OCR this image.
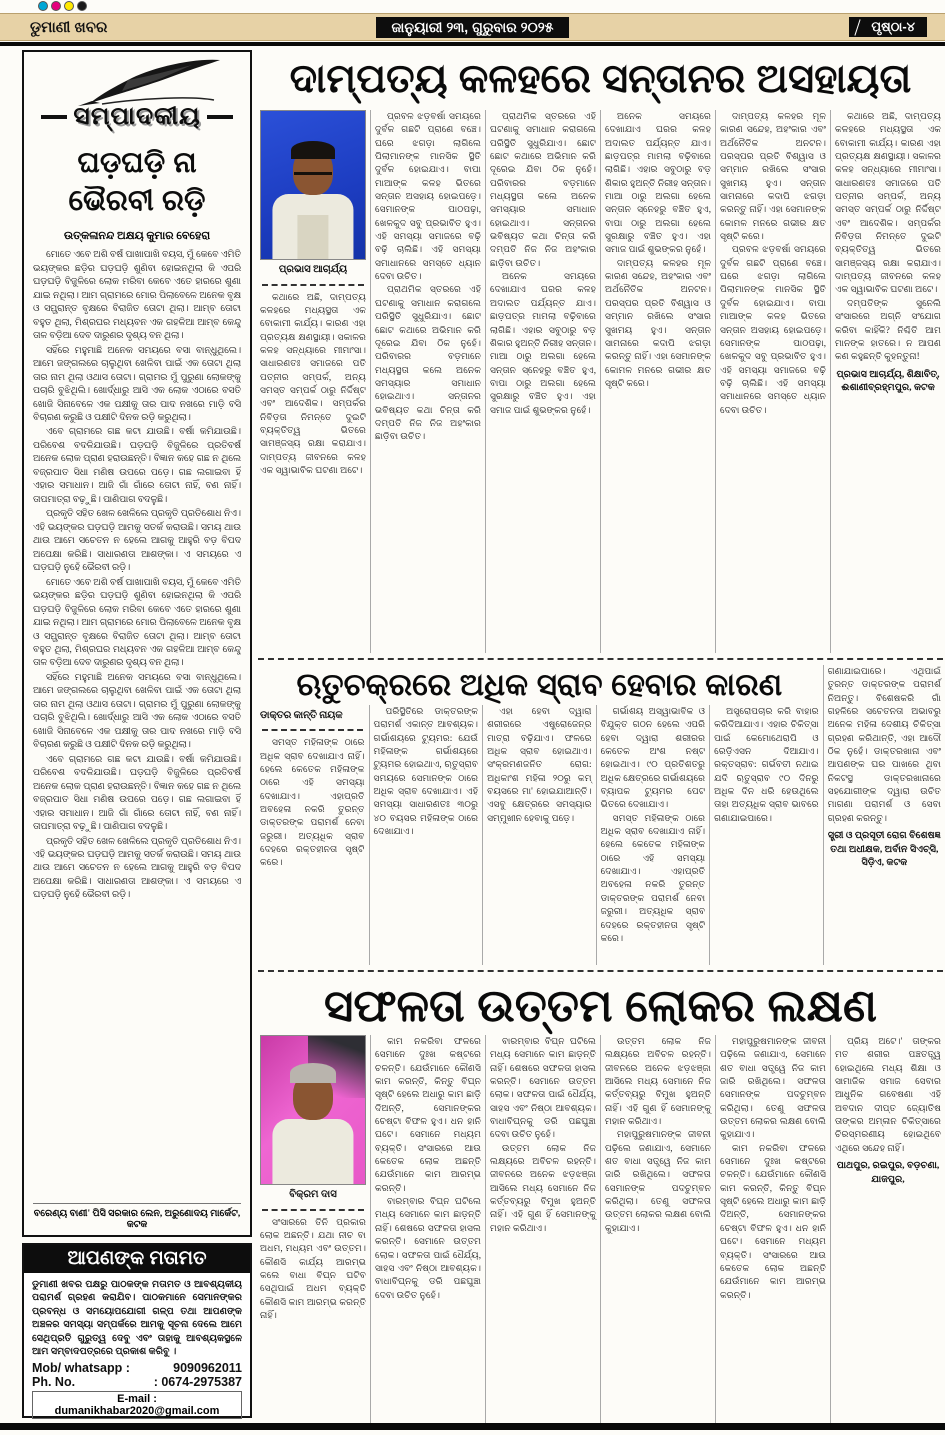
ଡୁମାଣୀ ଖବର	ଜାନୁୟାରୀ ୨୩, ଗୁରୁବାର ୨୦୨୫	ପୃଷ୍ଠା-୪
ସମ୍ପାଦକୀୟ
ଘଡ଼ଘଡ଼ି ନା
ଭୈରବୀ ରଡ଼ି
ଉତ୍କଳାନନ୍ଦ ଅକ୍ଷୟ କୁମାର ବେହେରା

ମୋତେ ଏବେ ଅଶି ବର୍ଷ ପାଖାପାଖି ବୟସ, ମୁଁ କେବେ ଏମିତି ଭୟଙ୍କର ଛଡ଼ିର ଘଡ଼ଘଡ଼ି ଶୁଣିବା ହୋଇନଥିଲା କି ଏପରି ଘଡ଼ଘଡ଼ି ବିଜୁଳିରେ ଲୋକ ମରିବା କେବେ ଏତେ ହାରରେ ଶୁଣା ଯାଇ ନଥିଲା। ଆମ ଗ୍ରାମରେ ମୋର ପିଲାବେଳେ ଅନେକ ବୃକ୍ଷ ଓ ସମ୍ଭ୍ରାନ୍ତ ବୃକ୍ଷରେ ବିରାଜିତ ତୋଟା ଥିଲା। ଆମ୍ବ ତୋଟା ବହୁତ ଥିଲା, ମିଶ୍ରଘର ମଧ୍ୟବନ ଏକ ଗହଳିଆ ଆମ୍ବ କେନ୍ଦୁ ତାଳ ବଡ଼ିଆ ଦେବ ଦାରୁଣର ଦୃଶ୍ୟ ବନ ଥିଲା।

ସହିଁରେ ମହୁମାଛି ଅନେକ ସମୟରେ ବସା ବାନ୍ଧୁଥିଲେ। ଆମେ ଜଙ୍ଗଲରେ ଚାଲୁଥିବା ଖେଳିବା ପାଇଁ ଏକ ତୋଟା ଥିଲା ତାର ନାମ ଥିଲା ଓଥାସ ତୋଟା। ଗ୍ରାମର ମୁଁ ପୁରୁଣା ଲୋକଙ୍କୁ ପଚାରି ବୁଝିଥିଲି। ଖୋର୍ଦ୍ଧାରୁ ଆସି ଏକ ଲୋକ ଏଠାରେ ବସତି ଖୋଜି ସିନାବେଳେ ଏକ ପକ୍ଷୀକୁ ତାର ପାଦ ନଖରେ ମାଡ଼ି ବସି ବିଚାରଣ କରୁଛି ଓ ପକ୍ଷୀଟି ଦିନକ ରଡ଼ି କରୁଥିଲା।

ଏବେ ଗ୍ରାମରେ ଗଛ କଟା ଯାଉଛି। ବର୍ଷା କମିଯାଉଛି। ପରିବେଶ ବଦଳିଯାଉଛି। ଘଡ଼ଘଡ଼ି ବିଜୁଳିରେ ପ୍ରତିବର୍ଷ ଅନେକ ଲୋକ ପ୍ରାଣ ହରାଉଛନ୍ତି। ବିଜ୍ଞାନ କହେ ଗଛ ନ ଥିଲେ ବଜ୍ରପାତ ସିଧା ମଣିଷ ଉପରେ ପଡ଼େ। ଗଛ ଲଗାଇବା ହିଁ ଏହାର ସମାଧାନ। ଆଜି ଗାଁ ଗାଁରେ ତୋଟା ନାହିଁ, ବଣ ନାହିଁ। ତାପମାତ୍ରା ବଢ଼ୁଛି। ପାଣିପାଗ ବଦଳୁଛି।

ପ୍ରକୃତି ସହିତ ଖେଳ ଖେଳିଲେ ପ୍ରକୃତି ପ୍ରତିଶୋଧ ନିଏ। ଏହି ଭୟଙ୍କର ଘଡ଼ଘଡ଼ି ଆମକୁ ସତର୍କ କରାଉଛି। ସମୟ ଥାଉ ଥାଉ ଆମେ ସଚେତନ ନ ହେଲେ ଆଗକୁ ଆହୁରି ବଡ଼ ବିପଦ ଅପେକ୍ଷା କରିଛି। ସାଧାରଣତା ଆଶଙ୍କା। ଏ ସମୟରେ ଏ ଘଡ଼ଘଡ଼ି ନୁହେଁ ଭୈରବୀ ରଡ଼ି।

ମୋତେ ଏବେ ଅଶି ବର୍ଷ ପାଖାପାଖି ବୟସ, ମୁଁ କେବେ ଏମିତି ଭୟଙ୍କର ଛଡ଼ିର ଘଡ଼ଘଡ଼ି ଶୁଣିବା ହୋଇନଥିଲା କି ଏପରି ଘଡ଼ଘଡ଼ି ବିଜୁଳିରେ ଲୋକ ମରିବା କେବେ ଏତେ ହାରରେ ଶୁଣା ଯାଇ ନଥିଲା। ଆମ ଗ୍ରାମରେ ମୋର ପିଲାବେଳେ ଅନେକ ବୃକ୍ଷ ଓ ସମ୍ଭ୍ରାନ୍ତ ବୃକ୍ଷରେ ବିରାଜିତ ତୋଟା ଥିଲା। ଆମ୍ବ ତୋଟା ବହୁତ ଥିଲା, ମିଶ୍ରଘର ମଧ୍ୟବନ ଏକ ଗହଳିଆ ଆମ୍ବ କେନ୍ଦୁ ତାଳ ବଡ଼ିଆ ଦେବ ଦାରୁଣର ଦୃଶ୍ୟ ବନ ଥିଲା।

ସହିଁରେ ମହୁମାଛି ଅନେକ ସମୟରେ ବସା ବାନ୍ଧୁଥିଲେ। ଆମେ ଜଙ୍ଗଲରେ ଚାଲୁଥିବା ଖେଳିବା ପାଇଁ ଏକ ତୋଟା ଥିଲା ତାର ନାମ ଥିଲା ଓଥାସ ତୋଟା। ଗ୍ରାମର ମୁଁ ପୁରୁଣା ଲୋକଙ୍କୁ ପଚାରି ବୁଝିଥିଲି। ଖୋର୍ଦ୍ଧାରୁ ଆସି ଏକ ଲୋକ ଏଠାରେ ବସତି ଖୋଜି ସିନାବେଳେ ଏକ ପକ୍ଷୀକୁ ତାର ପାଦ ନଖରେ ମାଡ଼ି ବସି ବିଚାରଣ କରୁଛି ଓ ପକ୍ଷୀଟି ଦିନକ ରଡ଼ି କରୁଥିଲା।

ଏବେ ଗ୍ରାମରେ ଗଛ କଟା ଯାଉଛି। ବର୍ଷା କମିଯାଉଛି। ପରିବେଶ ବଦଳିଯାଉଛି। ଘଡ଼ଘଡ଼ି ବିଜୁଳିରେ ପ୍ରତିବର୍ଷ ଅନେକ ଲୋକ ପ୍ରାଣ ହରାଉଛନ୍ତି। ବିଜ୍ଞାନ କହେ ଗଛ ନ ଥିଲେ ବଜ୍ରପାତ ସିଧା ମଣିଷ ଉପରେ ପଡ଼େ। ଗଛ ଲଗାଇବା ହିଁ ଏହାର ସମାଧାନ। ଆଜି ଗାଁ ଗାଁରେ ତୋଟା ନାହିଁ, ବଣ ନାହିଁ। ତାପମାତ୍ରା ବଢ଼ୁଛି। ପାଣିପାଗ ବଦଳୁଛି।

ପ୍ରକୃତି ସହିତ ଖେଳ ଖେଳିଲେ ପ୍ରକୃତି ପ୍ରତିଶୋଧ ନିଏ। ଏହି ଭୟଙ୍କର ଘଡ଼ଘଡ଼ି ଆମକୁ ସତର୍କ କରାଉଛି। ସମୟ ଥାଉ ଥାଉ ଆମେ ସଚେତନ ନ ହେଲେ ଆଗକୁ ଆହୁରି ବଡ଼ ବିପଦ ଅପେକ୍ଷା କରିଛି। ସାଧାରଣତା ଆଶଙ୍କା। ଏ ସମୟରେ ଏ ଘଡ଼ଘଡ଼ି ନୁହେଁ ଭୈରବୀ ରଡ଼ି।

ବରେଣ୍ୟ ବାଣୀ' ପିସି ସରକାର ଲେନ, ଅରୁଣୋଦୟ ମାର୍କେଟ, କଟକ
ଆପଣଙ୍କ ମତାମତ
ଡୁମାଣୀ ଖବର ପକ୍ଷରୁ ପାଠକଙ୍କ ମତାମତ ଓ ଆବଶ୍ୟକୀୟ ପରାମର୍ଶ ଗ୍ରହଣ କରାଯିବ। ପାଠକମାନେ ସେମାନଙ୍କର ପ୍ରବନ୍ଧ ଓ ସମୟୋପଯୋଗୀ ଗଳ୍ପ ତଥା ଆପଣଙ୍କ ଅଞ୍ଚଳର ସମସ୍ୟା ସମ୍ପର୍କରେ ଆମକୁ ସୂଚନା ଦେଲେ ଆମେ ସେଥିପ୍ରତି ଗୁରୁତ୍ୱ ଦେବୁ ଏବଂ ତାହାକୁ ଆବଶ୍ୟକସ୍ଥଳେ ଆମ ସମ୍ବାଦପତ୍ରରେ ପ୍ରକାଶ କରିବୁ ।
Mob/ whatsapp :	9090962011
Ph. No.	: 0674-2975387
E-mail : dumanikhabar2020@gmail.com
ଦାମ୍ପତ୍ୟ କଳହରେ ସନ୍ତାନର ଅସହାୟତା
ପ୍ରଭାସ ଆଚାର୍ଯ୍ୟ

କଥାରେ ଅଛି, ଦାମ୍ପତ୍ୟ କଳହରେ ମଧ୍ୟସ୍ଥତା ଏକ ବୋକାମୀ କାର୍ଯ୍ୟ। କାରଣ ଏହା ପ୍ରତ୍ୟକ୍ଷ କ୍ଷଣସ୍ଥାୟୀ। ସକାଳର କଳହ ସନ୍ଧ୍ୟାରେ ମୀମାଂସା। ସାଧାରଣତଃ ସମାଜରେ ପତି ପତ୍ନୀର ସମ୍ପର୍କ, ଅନ୍ୟ ସମସ୍ତ ସମ୍ପର୍କ ଠାରୁ ନିର୍ଦ୍ଦିଷ୍ଟ ଏବଂ ଆଦେଶିକ। ସମ୍ପର୍କର ନିବିଡ଼ତା ନିମନ୍ତେ ଦୁଇଟି ବ୍ୟକ୍ତିତ୍ୱ ଭିତରେ ସାମଞ୍ଜସ୍ୟ ରକ୍ଷା କରାଯାଏ। ଦାମ୍ପତ୍ୟ ଜୀବନରେ କଳହ ଏକ ସ୍ୱାଭାବିକ ଘଟଣା ଅଟେ।

ପ୍ରବଳ ଝଡ଼ବର୍ଷା ସମୟରେ ଦୁର୍ବଳ ଗଛଟି ପ୍ରାଣେ ବଞ୍ଚେ। ଘରେ ଝଗଡ଼ା ଲାଗିଲେ ପିଲାମାନଙ୍କ ମାନସିକ ସ୍ଥିତି ଦୁର୍ବଳ ହୋଇଯାଏ। ବାପା ମାଆଙ୍କ କଳହ ଭିତରେ ସନ୍ତାନ ଅସହାୟ ହୋଇପଡ଼େ। ସେମାନଙ୍କ ପାଠପଢ଼ା, ଖେଳକୁଦ ସବୁ ପ୍ରଭାବିତ ହୁଏ। ଏହି ସମସ୍ୟା ସମାଜରେ ବଢ଼ି ବଢ଼ି ଚାଲିଛି। ଏହି ସମସ୍ୟା ସମାଧାନରେ ସମସ୍ତେ ଧ୍ୟାନ ଦେବା ଉଚିତ।

ପ୍ରାଥମିକ ସ୍ତରରେ ଏହି ଘଟଣାକୁ ସମାଧାନ କରାଗଲେ ପରିସ୍ଥିତି ସୁଧୁରିଯାଏ। ଛୋଟ ଛୋଟ କଥାରେ ଅଭିମାନ କରି ଦୂରେଇ ଯିବା ଠିକ ନୁହେଁ। ପରିବାରର ବଡ଼ମାନେ ମଧ୍ୟସ୍ଥତା କଲେ ଅନେକ ସମସ୍ୟାର ସମାଧାନ ହୋଇଥାଏ। ସନ୍ତାନର ଭବିଷ୍ୟତ କଥା ଚିନ୍ତା କରି ଦମ୍ପତି ନିଜ ନିଜ ଅହଂକାର ଛାଡ଼ିବା ଉଚିତ।

ପ୍ରାଥମିକ ସ୍ତରରେ ଏହି ଘଟଣାକୁ ସମାଧାନ କରାଗଲେ ପରିସ୍ଥିତି ସୁଧୁରିଯାଏ। ଛୋଟ ଛୋଟ କଥାରେ ଅଭିମାନ କରି ଦୂରେଇ ଯିବା ଠିକ ନୁହେଁ। ପରିବାରର ବଡ଼ମାନେ ମଧ୍ୟସ୍ଥତା କଲେ ଅନେକ ସମସ୍ୟାର ସମାଧାନ ହୋଇଥାଏ। ସନ୍ତାନର ଭବିଷ୍ୟତ କଥା ଚିନ୍ତା କରି ଦମ୍ପତି ନିଜ ନିଜ ଅହଂକାର ଛାଡ଼ିବା ଉଚିତ।

ଅନେକ ସମୟରେ ଦେଖାଯାଏ ଘରର କଳହ ଅଦାଲତ ପର୍ଯ୍ୟନ୍ତ ଯାଏ। ଛାଡ଼ପତ୍ର ମାମଲା ବଢ଼ିବାରେ ଲାଗିଛି। ଏହାର ସବୁଠାରୁ ବଡ଼ ଶିକାର ହୁଅନ୍ତି ନିରୀହ ସନ୍ତାନ। ମାଆ ଠାରୁ ଅଲଗା ହେଲେ ସନ୍ତାନ ସ୍ନେହରୁ ବଞ୍ଚିତ ହୁଏ, ବାପା ଠାରୁ ଅଲଗା ହେଲେ ସୁରକ୍ଷାରୁ ବଞ୍ଚିତ ହୁଏ। ଏହା ସମାଜ ପାଇଁ ଶୁଭଙ୍କର ନୁହେଁ।

ଅନେକ ସମୟରେ ଦେଖାଯାଏ ଘରର କଳହ ଅଦାଲତ ପର୍ଯ୍ୟନ୍ତ ଯାଏ। ଛାଡ଼ପତ୍ର ମାମଲା ବଢ଼ିବାରେ ଲାଗିଛି। ଏହାର ସବୁଠାରୁ ବଡ଼ ଶିକାର ହୁଅନ୍ତି ନିରୀହ ସନ୍ତାନ। ମାଆ ଠାରୁ ଅଲଗା ହେଲେ ସନ୍ତାନ ସ୍ନେହରୁ ବଞ୍ଚିତ ହୁଏ, ବାପା ଠାରୁ ଅଲଗା ହେଲେ ସୁରକ୍ଷାରୁ ବଞ୍ଚିତ ହୁଏ। ଏହା ସମାଜ ପାଇଁ ଶୁଭଙ୍କର ନୁହେଁ।

ଦାମ୍ପତ୍ୟ କଳହର ମୂଳ କାରଣ ସନ୍ଦେହ, ଅହଂକାର ଏବଂ ଅର୍ଥନୈତିକ ଅନଟନ। ପରସ୍ପର ପ୍ରତି ବିଶ୍ୱାସ ଓ ସମ୍ମାନ ରଖିଲେ ସଂସାର ସୁଖମୟ ହୁଏ। ସନ୍ତାନ ସାମନାରେ କଦାପି ଝଗଡ଼ା କରନ୍ତୁ ନାହିଁ। ଏହା ସେମାନଙ୍କ କୋମଳ ମନରେ ଗଭୀର କ୍ଷତ ସୃଷ୍ଟି କରେ।

ଦାମ୍ପତ୍ୟ କଳହର ମୂଳ କାରଣ ସନ୍ଦେହ, ଅହଂକାର ଏବଂ ଅର୍ଥନୈତିକ ଅନଟନ। ପରସ୍ପର ପ୍ରତି ବିଶ୍ୱାସ ଓ ସମ୍ମାନ ରଖିଲେ ସଂସାର ସୁଖମୟ ହୁଏ। ସନ୍ତାନ ସାମନାରେ କଦାପି ଝଗଡ଼ା କରନ୍ତୁ ନାହିଁ। ଏହା ସେମାନଙ୍କ କୋମଳ ମନରେ ଗଭୀର କ୍ଷତ ସୃଷ୍ଟି କରେ।

ପ୍ରବଳ ଝଡ଼ବର୍ଷା ସମୟରେ ଦୁର୍ବଳ ଗଛଟି ପ୍ରାଣେ ବଞ୍ଚେ। ଘରେ ଝଗଡ଼ା ଲାଗିଲେ ପିଲାମାନଙ୍କ ମାନସିକ ସ୍ଥିତି ଦୁର୍ବଳ ହୋଇଯାଏ। ବାପା ମାଆଙ୍କ କଳହ ଭିତରେ ସନ୍ତାନ ଅସହାୟ ହୋଇପଡ଼େ। ସେମାନଙ୍କ ପାଠପଢ଼ା, ଖେଳକୁଦ ସବୁ ପ୍ରଭାବିତ ହୁଏ। ଏହି ସମସ୍ୟା ସମାଜରେ ବଢ଼ି ବଢ଼ି ଚାଲିଛି। ଏହି ସମସ୍ୟା ସମାଧାନରେ ସମସ୍ତେ ଧ୍ୟାନ ଦେବା ଉଚିତ।

କଥାରେ ଅଛି, ଦାମ୍ପତ୍ୟ କଳହରେ ମଧ୍ୟସ୍ଥତା ଏକ ବୋକାମୀ କାର୍ଯ୍ୟ। କାରଣ ଏହା ପ୍ରତ୍ୟକ୍ଷ କ୍ଷଣସ୍ଥାୟୀ। ସକାଳର କଳହ ସନ୍ଧ୍ୟାରେ ମୀମାଂସା। ସାଧାରଣତଃ ସମାଜରେ ପତି ପତ୍ନୀର ସମ୍ପର୍କ, ଅନ୍ୟ ସମସ୍ତ ସମ୍ପର୍କ ଠାରୁ ନିର୍ଦ୍ଦିଷ୍ଟ ଏବଂ ଆଦେଶିକ। ସମ୍ପର୍କର ନିବିଡ଼ତା ନିମନ୍ତେ ଦୁଇଟି ବ୍ୟକ୍ତିତ୍ୱ ଭିତରେ ସାମଞ୍ଜସ୍ୟ ରକ୍ଷା କରାଯାଏ। ଦାମ୍ପତ୍ୟ ଜୀବନରେ କଳହ ଏକ ସ୍ୱାଭାବିକ ଘଟଣା ଅଟେ।

ଦମ୍ପତିଙ୍କ ସୁନେଲି ସଂସାରରେ ଅଗ୍ନି ସଂଯୋଗ କରିବା କାହିଁକି? ନିଶ୍ଚିତି ଆମ ମାନଙ୍କ ହାତରେ। ନ ଆପଣ କଣ କହୁଛନ୍ତି କୁହନ୍ତୁନା!

ପ୍ରଭାସ ଆଚାର୍ଯ୍ୟ, ଶିକ୍ଷାବିତ୍‌, ଈଶାଣୀବ୍ରହ୍ମପୁର, କଟକ
ଋତୁଚକ୍ରରେ ଅଧିକ ସ୍ରାବ ହେବାର କାରଣ
ଡାକ୍ତର କାନ୍ତି ନାୟକ

ସମସ୍ତ ମହିଳାଙ୍କ ଠାରେ ଅଧିକ ସ୍ରାବ ଦେଖାଯାଏ ନାହିଁ। ହେଲେ କେତେକ ମହିଳାଙ୍କ ଠାରେ ଏହି ସମସ୍ୟା ଦେଖାଯାଏ। ଏହାପ୍ରତି ଅବହେଳା ନକରି ତୁରନ୍ତ ଡାକ୍ତରଙ୍କ ପରାମର୍ଶ ନେବା ଜରୁରୀ। ଅତ୍ୟଧିକ ସ୍ରାବ ଦେହରେ ରକ୍ତହୀନତା ସୃଷ୍ଟି କରେ।

ପରିସ୍ଥିତିରେ ଡାକ୍ତରଙ୍କ ପରାମର୍ଶ ଏକାନ୍ତ ଆବଶ୍ୟକ। ଗର୍ଭାଶୟରେ ଟ୍ୟୁମର: ଯେଉଁ ମହିଳାଙ୍କ ଗର୍ଭାଶୟରେ ଟ୍ୟୁମର ହୋଇଥାଏ, ଋତୁସ୍ରାବ ସମୟରେ ସେମାନଙ୍କ ଠାରେ ଅଧିକ ସ୍ରାବ ଦେଖାଯାଏ। ଏହି ସମସ୍ୟା ସାଧାରଣତଃ ୩୦ରୁ ୪୦ ବୟସର ମହିଳାଙ୍କ ଠାରେ ଦେଖାଯାଏ।

ଏହା ହେବା ଦ୍ୱାରା ଶରୀରରେ ଏଷ୍ଟ୍ରୋଜେନ୍‌ର ମାତ୍ରା ବଢ଼ିଯାଏ। ଫଳରେ ଅଧିକ ସ୍ରାବ ହୋଇଥାଏ। ସଂକ୍ରମଣଜନିତ ରୋଗ: ଅଧିକାଂଶ ମହିଳା ୨୦ରୁ କମ୍ ବୟସରେ ମା' ହୋଇଯାଆନ୍ତି। ଏସବୁ କ୍ଷେତ୍ରରେ ସମସ୍ୟାର ସମ୍ମୁଖୀନ ହେବାକୁ ପଡ଼େ।

ଗର୍ଭାଶୟ ଅସ୍ୱାଭାବିକ ଓ ବିଯୁକ୍ତ ଗଠନ ହେଲେ ଏପରି ହେବା ଦ୍ୱାରା ଶରୀରର କେତେକ ଅଂଶ ନଷ୍ଟ ହୋଇଥାଏ। ୯୦ ପ୍ରତିଶତରୁ ଅଧିକ କ୍ଷେତ୍ରରେ ଗର୍ଭାଶୟରେ ବ୍ୟାପକ ଟ୍ୟୁମର ପେଟ ଭିତରେ ଦେଖାଯାଏ।

ସମସ୍ତ ମହିଳାଙ୍କ ଠାରେ ଅଧିକ ସ୍ରାବ ଦେଖାଯାଏ ନାହିଁ। ହେଲେ କେତେକ ମହିଳାଙ୍କ ଠାରେ ଏହି ସମସ୍ୟା ଦେଖାଯାଏ। ଏହାପ୍ରତି ଅବହେଳା ନକରି ତୁରନ୍ତ ଡାକ୍ତରଙ୍କ ପରାମର୍ଶ ନେବା ଜରୁରୀ। ଅତ୍ୟଧିକ ସ୍ରାବ ଦେହରେ ରକ୍ତହୀନତା ସୃଷ୍ଟି କରେ।

ଅସ୍ତ୍ରୋପଚାର କରି ବାହାର କରିଦିଆଯାଏ। ଏହାର ଚିକିତ୍ସା ପାଇଁ କେମୋଥେରାପି ଓ ରେଡ଼ିଏସନ ଦିଆଯାଏ। ରକ୍ତସ୍ରାବ: ଗର୍ଭବତୀ ନଥାଇ ଯଦି ଋତୁସ୍ରାବ ୯୦ ଦିନରୁ ଅଧିକ ଦିନ ଧରି ହେଉଥିଲେ ତାହା ଅତ୍ୟଧିକ ସ୍ରାବ ଭାବରେ ଗଣାଯାଇପାରେ।

ଗଣାଯାଇପାରେ। ଏଥିପାଇଁ ତୁରନ୍ତ ଡାକ୍ତରଙ୍କ ପରାମର୍ଶ ନିଅନ୍ତୁ। ବିଶେଷକରି ଗାଁ ଗହଳିରେ ସଚେତନତା ଅଭାବରୁ ଅନେକ ମହିଳା ଦେଶୀୟ ଚିକିତ୍ସା ଗ୍ରହଣ କରିଥାନ୍ତି, ଏହା ଆଦୌ ଠିକ ନୁହେଁ। ଡାକ୍ତରଖାନା ଏବଂ ଆପଣଙ୍କ ଘର ପାଖରେ ଥିବା ନିକଟସ୍ଥ ଡାକ୍ତରଖାନାରେ ସହଯୋଗୀଙ୍କ ଦ୍ୱାରା ଉଚିତ ମାଗଣା ପରାମର୍ଶ ଓ ସେବା ଗ୍ରହଣ କରନ୍ତୁ।

ସ୍ତ୍ରୀ ଓ ପ୍ରସୂତୀ ରୋଗ ବିଶେଷଜ୍ଞ ତଥା ଅଧୀକ୍ଷକ, ଅର୍ବାନ ସିଏଚ୍‌ସି, ସିଡ଼ିଏ, କଟକ
ସଫଳତା ଉତ୍ତମ ଲୋକର ଲକ୍ଷଣ
ବିକ୍ରମ ଦାସ

ସଂସାରରେ ତିନି ପ୍ରକାର ଲୋକ ଅଛନ୍ତି। ଯଥା ନୀଚ ବା ଅଧମ, ମଧ୍ୟମ ଏବଂ ଉତ୍ତମ। କୌଣସି କାର୍ଯ୍ୟ ଆରମ୍ଭ କଲେ ବାଧା ବିଘ୍ନ ଘଟିବ ସେଥିପାଇଁ ଅଧମ ବ୍ୟକ୍ତି କୌଣସି କାମ ଆରମ୍ଭ କରନ୍ତି ନାହିଁ।

କାମ ନକରିବା ଫଳରେ ସେମାନେ ଦୁଃଖ କଷ୍ଟରେ ଚଳନ୍ତି। ଯେଉଁମାନେ କୌଣସି କାମ କରନ୍ତି, କିନ୍ତୁ ବିଘ୍ନ ସୃଷ୍ଟି ହେଲେ ଅଧାରୁ କାମ ଛାଡ଼ି ଦିଅନ୍ତି, ସେମାନଙ୍କର ଚେଷ୍ଟା ବିଫଳ ହୁଏ। ଧନ ହାନି ଘଟେ। ସେମାନେ ମଧ୍ୟମ ବ୍ୟକ୍ତି। ସଂସାରରେ ଆଉ କେତେକ ଲୋକ ଅଛନ୍ତି ଯେଉଁମାନେ କାମ ଆରମ୍ଭ କରନ୍ତି।

ବାରମ୍ବାର ବିଘ୍ନ ଘଟିଲେ ମଧ୍ୟ ସେମାନେ କାମ ଛାଡ଼ନ୍ତି ନାହିଁ। ଶେଷରେ ସଫଳତା ହାସଲ କରନ୍ତି। ସେମାନେ ଉତ୍ତମ ଲୋକ। ସଫଳତା ପାଇଁ ଧୈର୍ଯ୍ୟ, ସାହସ ଏବଂ ନିଷ୍ଠା ଆବଶ୍ୟକ। ବାଧାବିଘ୍ନକୁ ଡରି ପଛଘୁଞ୍ଚା ଦେବା ଉଚିତ ନୁହେଁ।

ବାରମ୍ବାର ବିଘ୍ନ ଘଟିଲେ ମଧ୍ୟ ସେମାନେ କାମ ଛାଡ଼ନ୍ତି ନାହିଁ। ଶେଷରେ ସଫଳତା ହାସଲ କରନ୍ତି। ସେମାନେ ଉତ୍ତମ ଲୋକ। ସଫଳତା ପାଇଁ ଧୈର୍ଯ୍ୟ, ସାହସ ଏବଂ ନିଷ୍ଠା ଆବଶ୍ୟକ। ବାଧାବିଘ୍ନକୁ ଡରି ପଛଘୁଞ୍ଚା ଦେବା ଉଚିତ ନୁହେଁ।

ଉତ୍ତମ ଲୋକ ନିଜ ଲକ୍ଷ୍ୟରେ ଅବିଚଳ ରହନ୍ତି। ଜୀବନରେ ଅନେକ ଝଡ଼ଝଞ୍ଜା ଆସିଲେ ମଧ୍ୟ ସେମାନେ ନିଜ କର୍ତ୍ତବ୍ୟରୁ ବିମୁଖ ହୁଅନ୍ତି ନାହିଁ। ଏହି ଗୁଣ ହିଁ ସେମାନଙ୍କୁ ମହାନ କରିଥାଏ।

ଉତ୍ତମ ଲୋକ ନିଜ ଲକ୍ଷ୍ୟରେ ଅବିଚଳ ରହନ୍ତି। ଜୀବନରେ ଅନେକ ଝଡ଼ଝଞ୍ଜା ଆସିଲେ ମଧ୍ୟ ସେମାନେ ନିଜ କର୍ତ୍ତବ୍ୟରୁ ବିମୁଖ ହୁଅନ୍ତି ନାହିଁ। ଏହି ଗୁଣ ହିଁ ସେମାନଙ୍କୁ ମହାନ କରିଥାଏ।

ମହାପୁରୁଷମାନଙ୍କ ଜୀବନୀ ପଢ଼ିଲେ ଜଣାଯାଏ, ସେମାନେ ଶତ ବାଧା ସତ୍ତ୍ୱେ ନିଜ କାମ ଜାରି ରଖିଥିଲେ। ସଫଳତା ସେମାନଙ୍କ ପଦଚୁମ୍ବନ କରିଥିଲା। ତେଣୁ ସଫଳତା ଉତ୍ତମ ଲୋକର ଲକ୍ଷଣ ବୋଲି କୁହାଯାଏ।

ମହାପୁରୁଷମାନଙ୍କ ଜୀବନୀ ପଢ଼ିଲେ ଜଣାଯାଏ, ସେମାନେ ଶତ ବାଧା ସତ୍ତ୍ୱେ ନିଜ କାମ ଜାରି ରଖିଥିଲେ। ସଫଳତା ସେମାନଙ୍କ ପଦଚୁମ୍ବନ କରିଥିଲା। ତେଣୁ ସଫଳତା ଉତ୍ତମ ଲୋକର ଲକ୍ଷଣ ବୋଲି କୁହାଯାଏ।

କାମ ନକରିବା ଫଳରେ ସେମାନେ ଦୁଃଖ କଷ୍ଟରେ ଚଳନ୍ତି। ଯେଉଁମାନେ କୌଣସି କାମ କରନ୍ତି, କିନ୍ତୁ ବିଘ୍ନ ସୃଷ୍ଟି ହେଲେ ଅଧାରୁ କାମ ଛାଡ଼ି ଦିଅନ୍ତି, ସେମାନଙ୍କର ଚେଷ୍ଟା ବିଫଳ ହୁଏ। ଧନ ହାନି ଘଟେ। ସେମାନେ ମଧ୍ୟମ ବ୍ୟକ୍ତି। ସଂସାରରେ ଆଉ କେତେକ ଲୋକ ଅଛନ୍ତି ଯେଉଁମାନେ କାମ ଆରମ୍ଭ କରନ୍ତି।

ପ୍ରିୟ ଅଟେ।' ତାଙ୍କର ମତ ଶରୀର ପଞ୍ଚତତ୍ତ୍ୱ ହୋଇଥିଲେ ମଧ୍ୟ ଶିକ୍ଷା ଓ ସାମାଜିକ ସମାଜ ସେବାର ଆଧୁନିକ ଗବେଷଣା ଏହି ଅବଦାନ ଦୀପ୍ତ ଜ୍ୟୋତିଷ ତାଙ୍କର ଅମ୍ଳାନ ଚିକିତ୍ସାରେ ଚିରସ୍ମରଣୀୟ ହୋଇଥିବେ ଏଥିରେ ସନ୍ଦେହ ନାହିଁ।

ପାଥପୁର, ରଇପୁର, ବଡ଼ଚଣା, ଯାଜପୁର,
